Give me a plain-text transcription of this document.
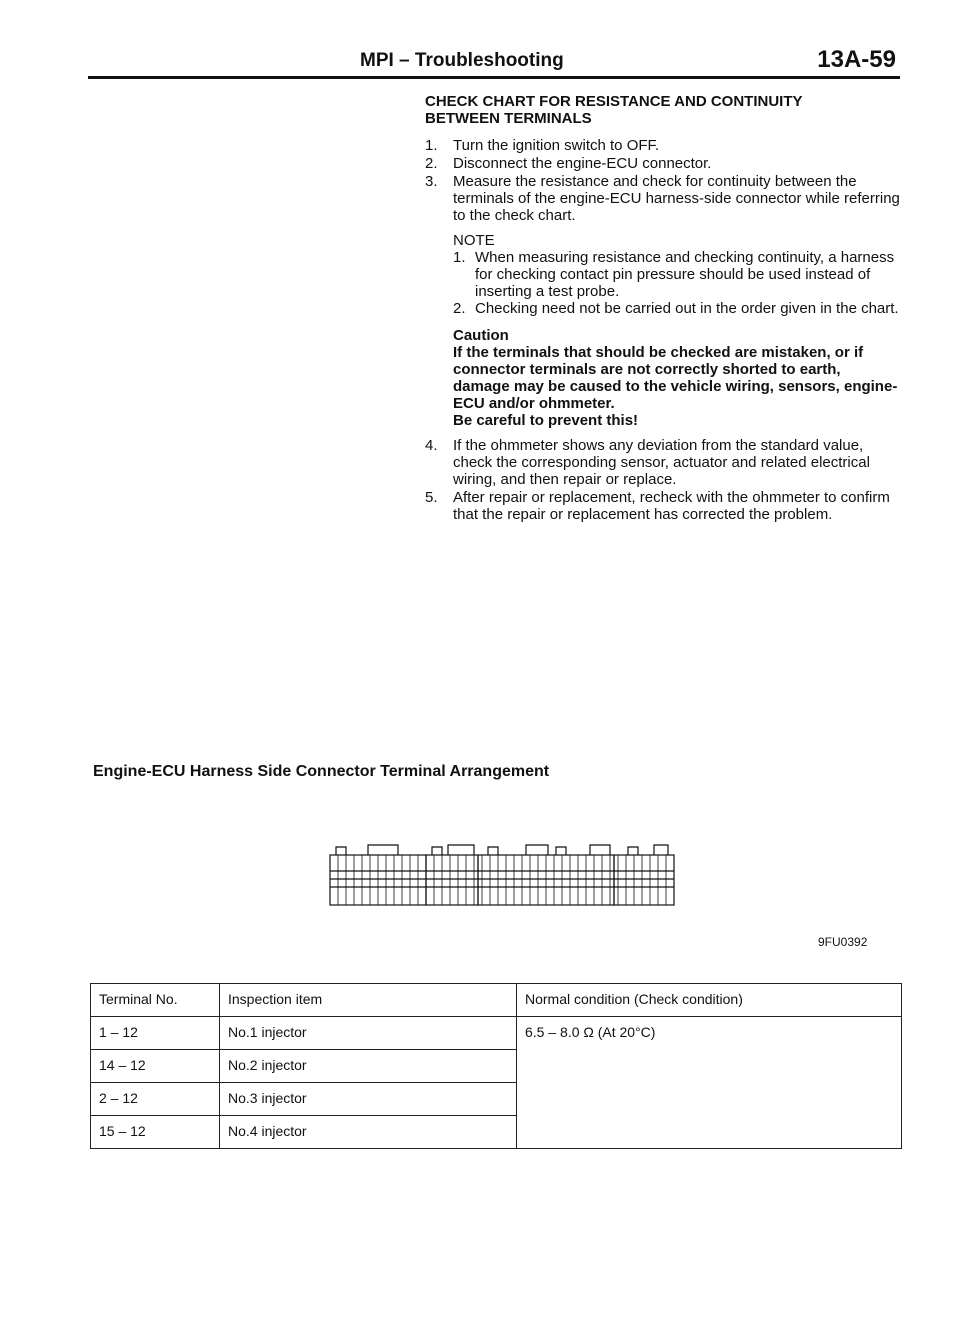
MPI – Troubleshooting	13A-59
CHECK CHART FOR RESISTANCE AND CONTINUITY
BETWEEN TERMINALS
1.	Turn the ignition switch to OFF.
2.	Disconnect the engine-ECU connector.
3.	Measure the resistance and check for continuity between the terminals of the engine-ECU harness-side connector while referring to the check chart.
NOTE
1. When measuring resistance and checking continuity, a harness for checking contact pin pressure should be used instead of inserting a test probe.
2. Checking need not be carried out in the order given in the chart.
Caution
If the terminals that should be checked are mistaken, or if connector terminals are not correctly shorted to earth, damage may be caused to the vehicle wiring, sensors, engine-ECU and/or ohmmeter.
Be careful to prevent this!
4.	If the ohmmeter shows any deviation from the standard value, check the corresponding sensor, actuator and related electrical wiring, and then repair or replace.
5.	After repair or replacement, recheck with the ohmmeter to confirm that the repair or replacement has corrected the problem.
Engine-ECU Harness Side Connector Terminal Arrangement
9FU0392
Terminal No.	Inspection item	Normal condition (Check condition)
1 – 12	No.1 injector	6.5 – 8.0 Ω (At 20°C)
14 – 12	No.2 injector	
2 – 12	No.3 injector	
15 – 12	No.4 injector	
